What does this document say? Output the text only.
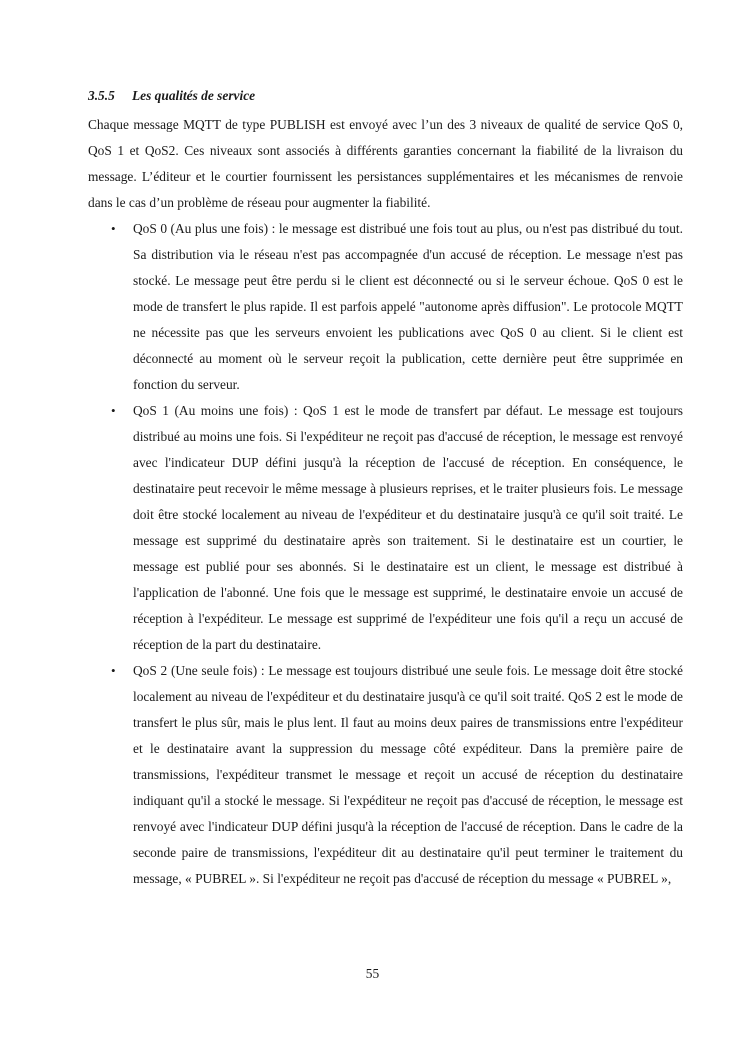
3.5.5 Les qualités de service

Chaque message MQTT de type PUBLISH est envoyé avec l’un des 3 niveaux de qualité de service QoS 0, QoS 1 et QoS2. Ces niveaux sont associés à différents garanties concernant la fiabilité de la livraison du message. L’éditeur et le courtier fournissent les persistances supplémentaires et les mécanismes de renvoie dans le cas d’un problème de réseau pour augmenter la fiabilité.

• QoS 0 (Au plus une fois) : le message est distribué une fois tout au plus, ou n'est pas distribué du tout. Sa distribution via le réseau n'est pas accompagnée d'un accusé de réception. Le message n'est pas stocké. Le message peut être perdu si le client est déconnecté ou si le serveur échoue. QoS 0 est le mode de transfert le plus rapide. Il est parfois appelé "autonome après diffusion". Le protocole MQTT ne nécessite pas que les serveurs envoient les publications avec QoS 0 au client. Si le client est déconnecté au moment où le serveur reçoit la publication, cette dernière peut être supprimée en fonction du serveur.
• QoS 1 (Au moins une fois) : QoS 1 est le mode de transfert par défaut. Le message est toujours distribué au moins une fois. Si l'expéditeur ne reçoit pas d'accusé de réception, le message est renvoyé avec l'indicateur DUP défini jusqu'à la réception de l'accusé de réception. En conséquence, le destinataire peut recevoir le même message à plusieurs reprises, et le traiter plusieurs fois. Le message doit être stocké localement au niveau de l'expéditeur et du destinataire jusqu'à ce qu'il soit traité. Le message est supprimé du destinataire après son traitement. Si le destinataire est un courtier, le message est publié pour ses abonnés. Si le destinataire est un client, le message est distribué à l'application de l'abonné. Une fois que le message est supprimé, le destinataire envoie un accusé de réception à l'expéditeur. Le message est supprimé de l'expéditeur une fois qu'il a reçu un accusé de réception de la part du destinataire.
• QoS 2 (Une seule fois) : Le message est toujours distribué une seule fois. Le message doit être stocké localement au niveau de l'expéditeur et du destinataire jusqu'à ce qu'il soit traité. QoS 2 est le mode de transfert le plus sûr, mais le plus lent. Il faut au moins deux paires de transmissions entre l'expéditeur et le destinataire avant la suppression du message côté expéditeur. Dans la première paire de transmissions, l'expéditeur transmet le message et reçoit un accusé de réception du destinataire indiquant qu'il a stocké le message. Si l'expéditeur ne reçoit pas d'accusé de réception, le message est renvoyé avec l'indicateur DUP défini jusqu'à la réception de l'accusé de réception. Dans le cadre de la seconde paire de transmissions, l'expéditeur dit au destinataire qu'il peut terminer le traitement du message, « PUBREL ». Si l'expéditeur ne reçoit pas d'accusé de réception du message « PUBREL »,
55
